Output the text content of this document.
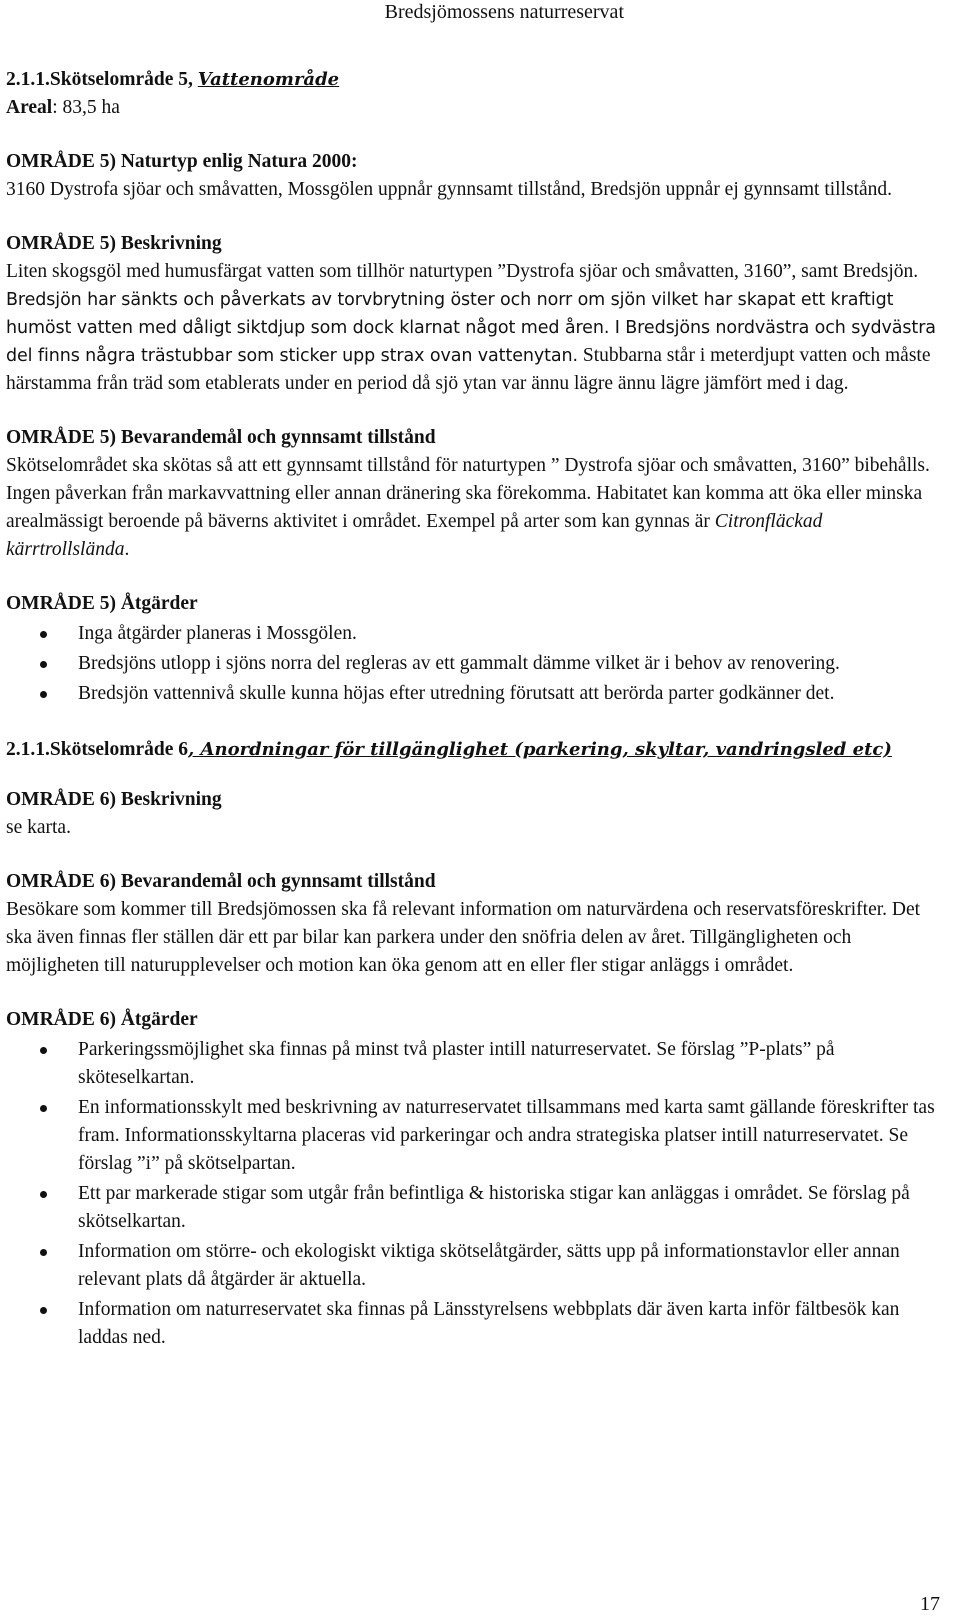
Bredsjömossens naturreservat

2.1.1.Skötselområde 5, Vattenområde

Areal: 83,5 ha

OMRÅDE 5) Naturtyp enlig Natura 2000:

3160 Dystrofa sjöar och småvatten, Mossgölen uppnår gynnsamt tillstånd, Bredsjön uppnår ej gynnsamt tillstånd.

OMRÅDE 5) Beskrivning

Liten skogsgöl med humusfärgat vatten som tillhör naturtypen ”Dystrofa sjöar och småvatten, 3160”, samt Bredsjön. Bredsjön har sänkts och påverkats av torvbrytning öster och norr om sjön vilket har skapat ett kraftigt humöst vatten med dåligt siktdjup som dock klarnat något med åren. I Bredsjöns nordvästra och sydvästra del finns några trästubbar som sticker upp strax ovan vattenytan. Stubbarna står i meterdjupt vatten och måste härstamma från träd som etablerats under en period då sjö ytan var ännu lägre ännu lägre jämfört med i dag.

OMRÅDE 5) Bevarandemål och gynnsamt tillstånd

Skötselområdet ska skötas så att ett gynnsamt tillstånd för naturtypen ” Dystrofa sjöar och småvatten, 3160” bibehålls. Ingen påverkan från markavvattning eller annan dränering ska förekomma. Habitatet kan komma att öka eller minska arealmässigt beroende på bäverns aktivitet i området. Exempel på arter som kan gynnas är Citronfläckad kärrtrollslända.

OMRÅDE 5) Åtgärder

Inga åtgärder planeras i Mossgölen.
Bredsjöns utlopp i sjöns norra del regleras av ett gammalt dämme vilket är i behov av renovering.
Bredsjön vattennivå skulle kunna höjas efter utredning förutsatt att berörda parter godkänner det.

2.1.1.Skötselområde 6, Anordningar för tillgänglighet (parkering, skyltar, vandringsled etc)

OMRÅDE 6) Beskrivning

se karta.

OMRÅDE 6) Bevarandemål och gynnsamt tillstånd

Besökare som kommer till Bredsjömossen ska få relevant information om naturvärdena och reservatsföreskrifter. Det ska även finnas fler ställen där ett par bilar kan parkera under den snöfria delen av året. Tillgängligheten och möjligheten till naturupplevelser och motion kan öka genom att en eller fler stigar anläggs i området.

OMRÅDE 6) Åtgärder

Parkeringssmöjlighet ska finnas på minst två plaster intill naturreservatet. Se förslag ”P-plats” på sköteselkartan.
En informationsskylt med beskrivning av naturreservatet tillsammans med karta samt gällande föreskrifter tas fram. Informationsskyltarna placeras vid parkeringar och andra strategiska platser intill naturreservatet. Se förslag ”i” på skötselpartan.
Ett par markerade stigar som utgår från befintliga & historiska stigar kan anläggas i området. Se förslag på skötselkartan.
Information om större- och ekologiskt viktiga skötselåtgärder, sätts upp på informationstavlor eller annan relevant plats då åtgärder är aktuella.
Information om naturreservatet ska finnas på Länsstyrelsens webbplats där även karta inför fältbesök kan laddas ned.
17
